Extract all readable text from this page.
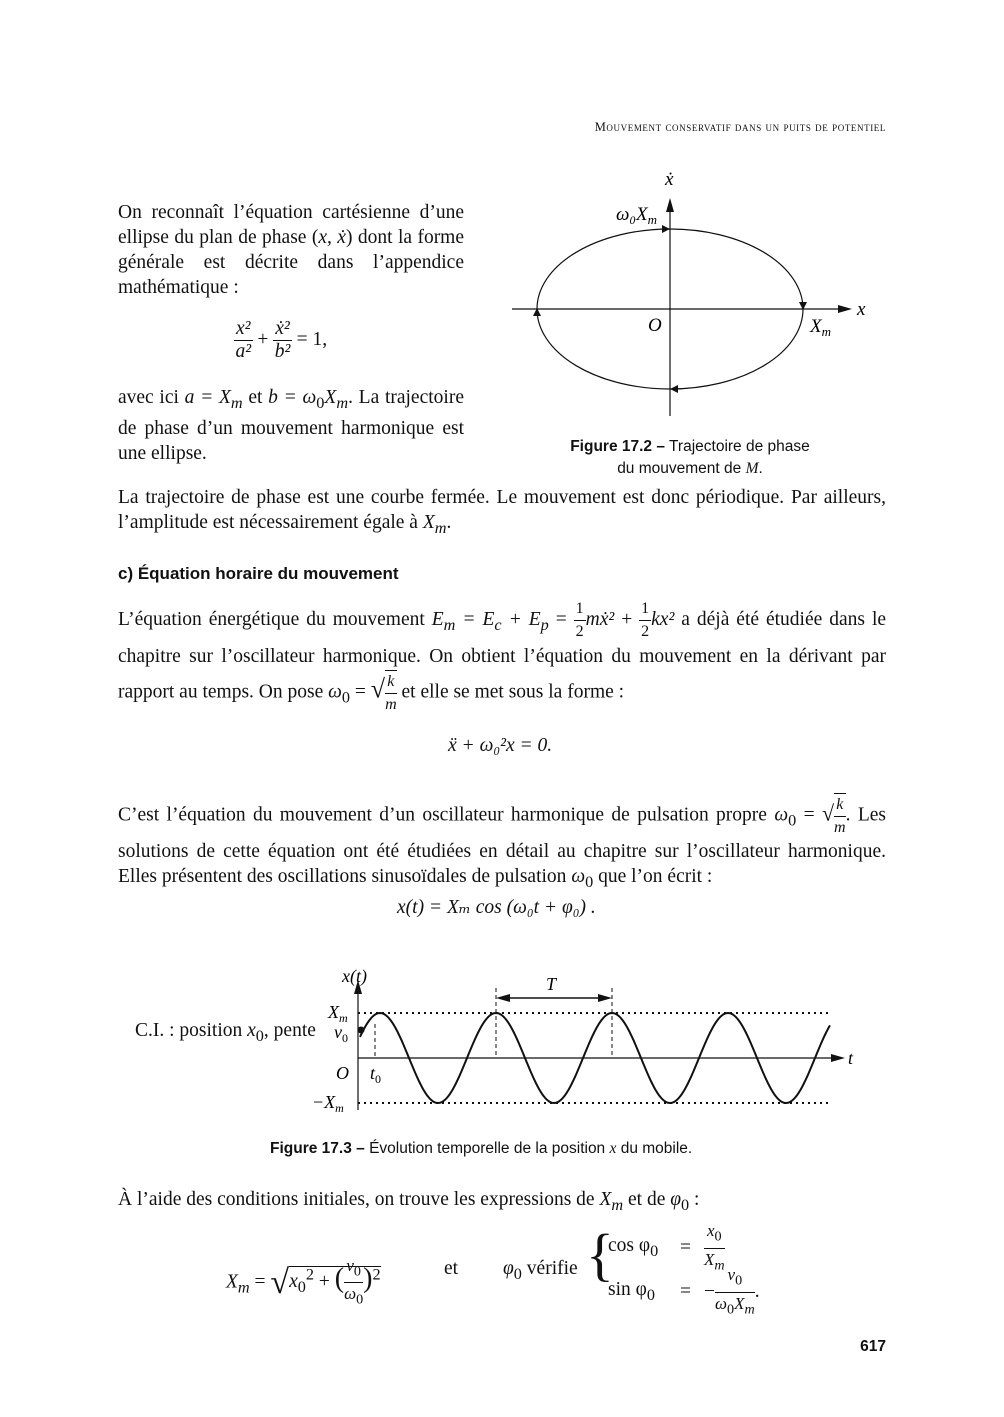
Mouvement conservatif dans un puits de potentiel
On reconnaît l’équation cartésienne d’une ellipse du plan de phase (x, ẋ) dont la forme générale est décrite dans l’appendice mathématique :
$\frac{\text{x²}}{\text{a²}} + \frac{\text{ẋ²}}{\text{b²}} = 1$,
avec ici $a = X_m$ et $b = \omega_0X_m$. La trajectoire de phase d’un mouvement harmonique est une ellipse.
ẋ
x
$\omega_0X_m$
$X_m$
O
Figure 17.2 – Trajectoire de phase
du mouvement de M.
La trajectoire de phase est une courbe fermée. Le mouvement est donc périodique. Par ailleurs, l’amplitude est nécessairement égale à $X_m$.
c) Équation horaire du mouvement
L’équation énergétique du mouvement $E_m = E_c + E_p = \frac{1}{2}$ mẋ² + $\frac{1}{2} kx^2$ a déjà été étudiée dans le chapitre sur l’oscillateur harmonique. On obtient l’équation du mouvement en la dérivant par rapport au temps. On pose $\omega_0$ = √ $\frac{k}{m}$ et elle se met sous la forme :
ẍ + ω₀²x = 0.
C’est l’équation du mouvement d’un oscillateur harmonique de pulsation propre $\omega_0$ = √ $\frac{k}{m}$ . Les solutions de cette équation ont été étudiées en détail au chapitre sur l’oscillateur harmonique. Elles présentent des oscillations sinusoïdales de pulsation $\omega_0$ que l’on écrit :
x(t) = Xₘ cos (ω₀t + φ₀) .
C.I. : position $x_0$, pente
x(t)
t
T
$X_m$
$v_0$
O $t_0$
$-X_m$
Figure 17.3 – Évolution temporelle de la position x du mobile.
À l’aide des conditions initiales, on trouve les expressions de $X_m$ et de $\varphi_0$ :
$X_m = √x_0^2$ + ( $\frac{v_0}{\omega_0} )^2$	et $\varphi_0$ vérifie {
$\cos \varphi_0$	= $\frac{x_0}{X_m}$
$\sin \varphi_0$	= − $\frac{v_0}{\omega_0X_m}$ .
617
